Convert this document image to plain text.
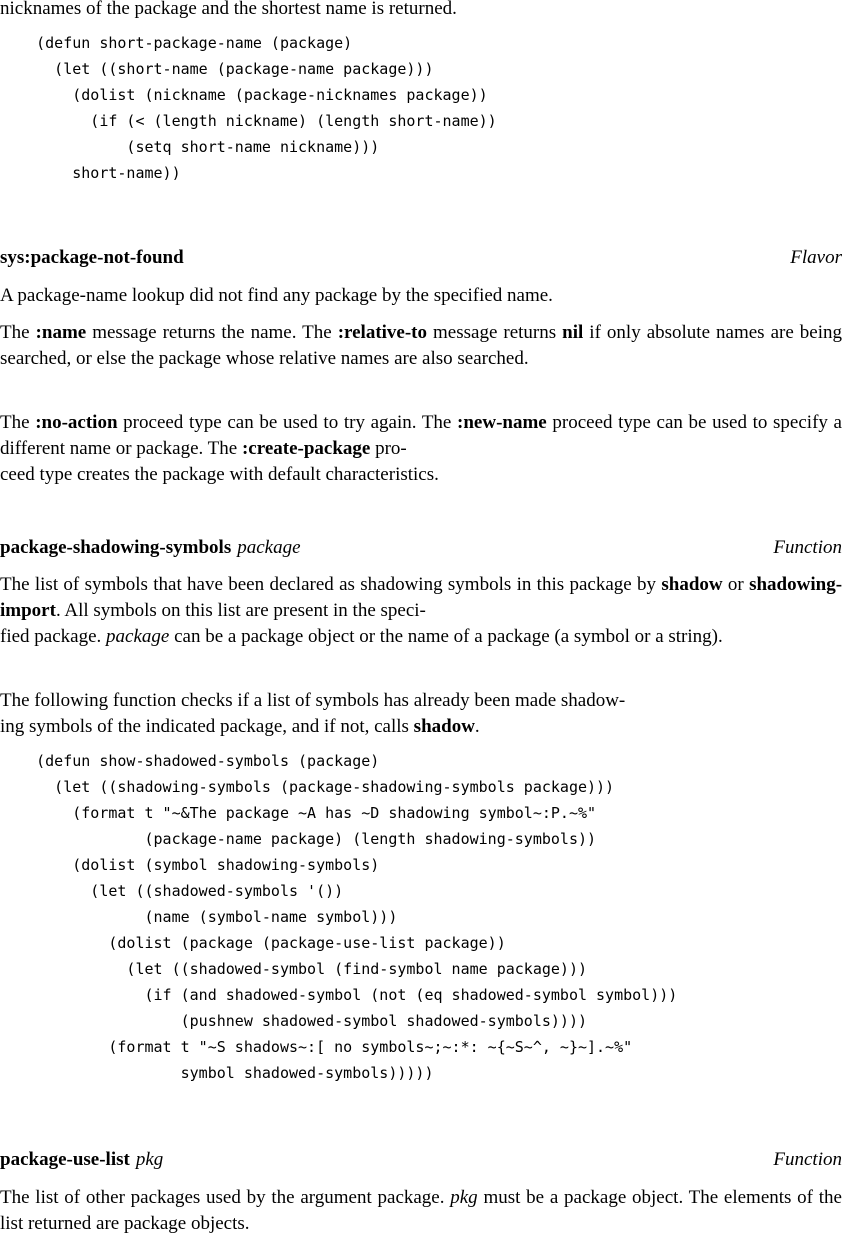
nicknames of the package and the shortest name is returned.
(defun short-package-name (package)
(let ((short-name (package-name package)))
(dolist (nickname (package-nicknames package))
(if (< (length nickname) (length short-name))
(setq short-name nickname)))
short-name))
sys:package-not-found	Flavor
A package-name lookup did not find any package by the specified name.
The :name message returns the name. The :relative-to message returns nil if only absolute names are being searched, or else the package whose relative names are also searched.
The :no-action proceed type can be used to try again. The :new-name proceed type can be used to specify a different name or package. The :create-package pro-
ceed type creates the package with default characteristics.
package-shadowing-symbols package	Function
The list of symbols that have been declared as shadowing symbols in this package by shadow or shadowing-import. All symbols on this list are present in the speci-
fied package. package can be a package object or the name of a package (a symbol or a string).
The following function checks if a list of symbols has already been made shadow-
ing symbols of the indicated package, and if not, calls shadow.
(defun show-shadowed-symbols (package)
(let ((shadowing-symbols (package-shadowing-symbols package)))
(format t "~&The package ~A has ~D shadowing symbol~:P.~%"
(package-name package) (length shadowing-symbols))
(dolist (symbol shadowing-symbols)
(let ((shadowed-symbols '())
(name (symbol-name symbol)))
(dolist (package (package-use-list package))
(let ((shadowed-symbol (find-symbol name package)))
(if (and shadowed-symbol (not (eq shadowed-symbol symbol)))
(pushnew shadowed-symbol shadowed-symbols))))
(format t "~S shadows~:[ no symbols~;~:*: ~{~S~^, ~}~].~%"
symbol shadowed-symbols)))))
package-use-list pkg	Function
The list of other packages used by the argument package. pkg must be a package object. The elements of the list returned are package objects.
